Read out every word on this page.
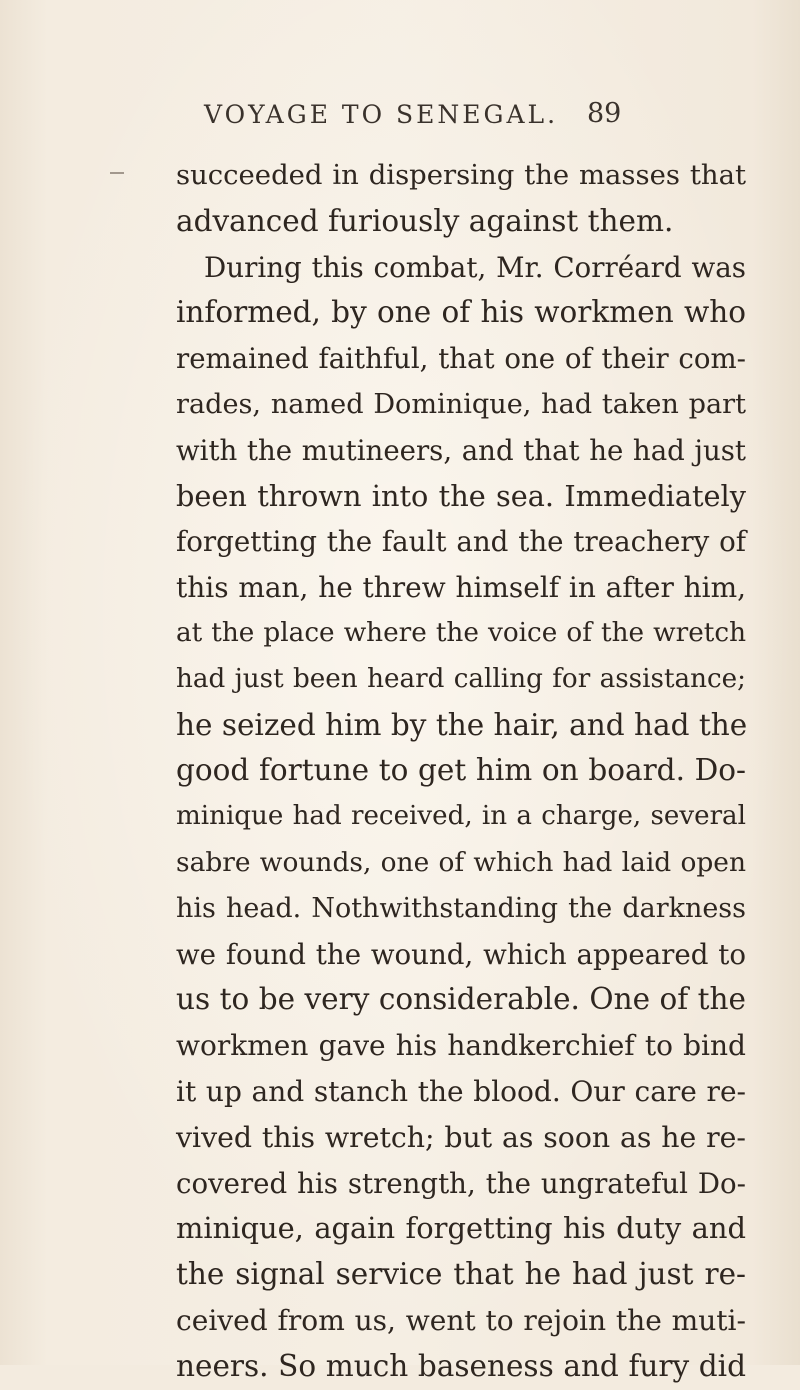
VOYAGE TO SENEGAL. 89
succeeded in dispersing the masses that
advanced furiously against them.
During this combat, Mr. Corréard was
informed, by one of his workmen who
remained faithful, that one of their com-
rades, named Dominique, had taken part
with the mutineers, and that he had just
been thrown into the sea. Immediately
forgetting the fault and the treachery of
this man, he threw himself in after him,
at the place where the voice of the wretch
had just been heard calling for assistance;
he seized him by the hair, and had the
good fortune to get him on board. Do-
minique had received, in a charge, several
sabre wounds, one of which had laid open
his head. Nothwithstanding the darkness
we found the wound, which appeared to
us to be very considerable. One of the
workmen gave his handkerchief to bind
it up and stanch the blood. Our care re-
vived this wretch; but as soon as he re-
covered his strength, the ungrateful Do-
minique, again forgetting his duty and
the signal service that he had just re-
ceived from us, went to rejoin the muti-
neers. So much baseness and fury did
